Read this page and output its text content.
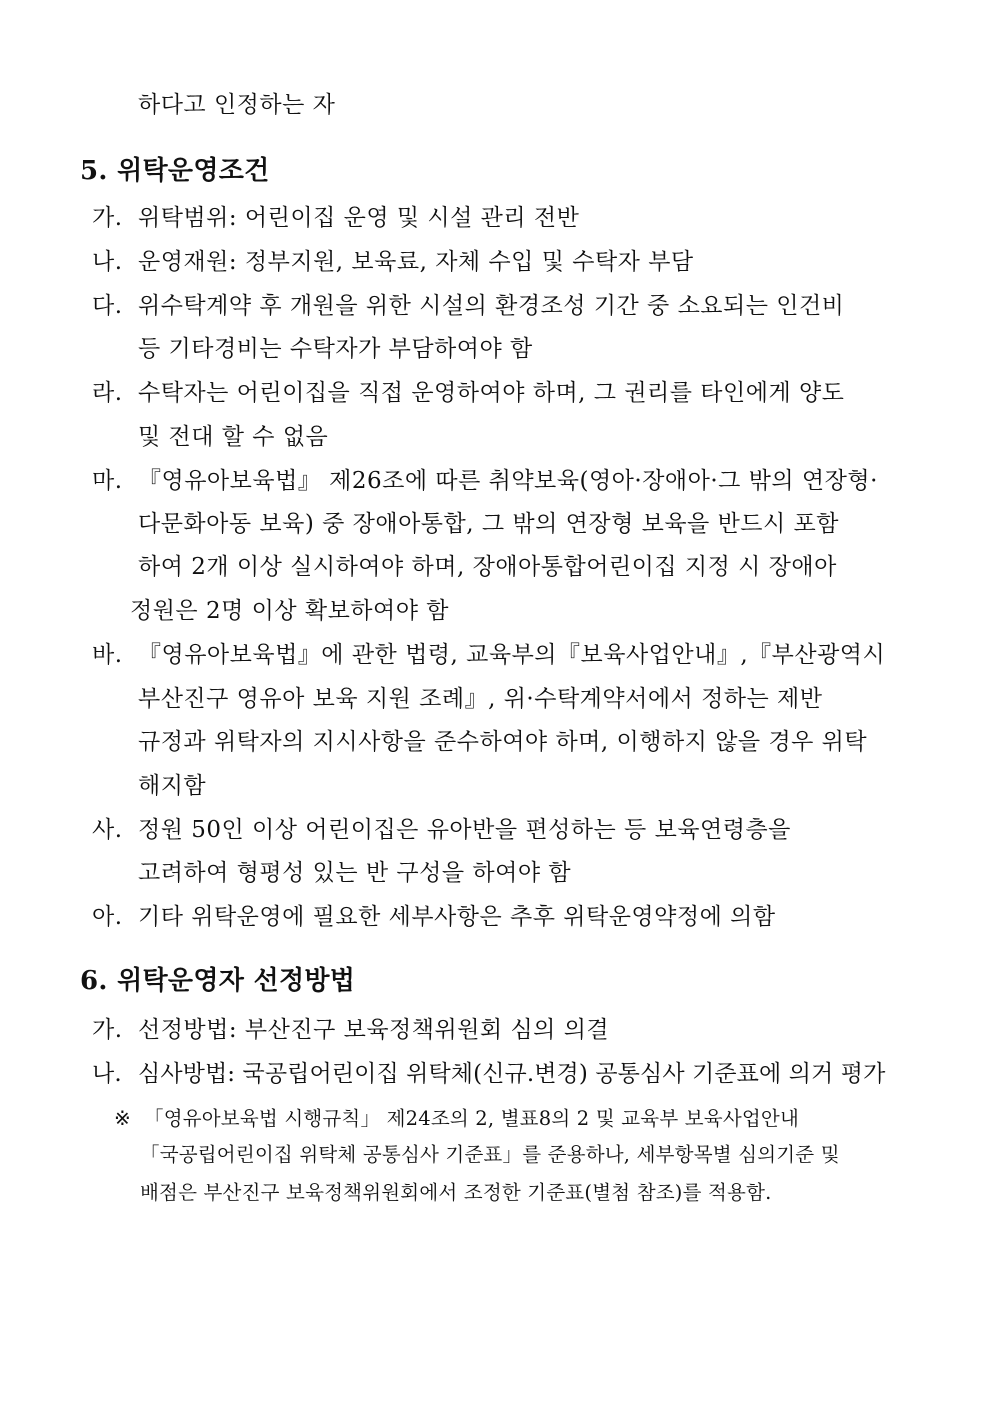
하다고 인정하는 자
5. 위탁운영조건
가. 위탁범위: 어린이집 운영 및 시설 관리 전반
나. 운영재원: 정부지원, 보육료, 자체 수입 및 수탁자 부담
다. 위수탁계약 후 개원을 위한 시설의 환경조성 기간 중 소요되는 인건비
등 기타경비는 수탁자가 부담하여야 함
라. 수탁자는 어린이집을 직접 운영하여야 하며, 그 권리를 타인에게 양도
및 전대 할 수 없음
마. 『영유아보육법』 제26조에 따른 취약보육(영아·장애아·그 밖의 연장형·
다문화아동 보육) 중 장애아통합, 그 밖의 연장형 보육을 반드시 포함
하여 2개 이상 실시하여야 하며, 장애아통합어린이집 지정 시 장애아
정원은 2명 이상 확보하여야 함
바. 『영유아보육법』에 관한 법령, 교육부의『보육사업안내』,『부산광역시
부산진구 영유아 보육 지원 조례』, 위·수탁계약서에서 정하는 제반
규정과 위탁자의 지시사항을 준수하여야 하며, 이행하지 않을 경우 위탁
해지함
사. 정원 50인 이상 어린이집은 유아반을 편성하는 등 보육연령층을
고려하여 형평성 있는 반 구성을 하여야 함
아. 기타 위탁운영에 필요한 세부사항은 추후 위탁운영약정에 의함
6. 위탁운영자 선정방법
가. 선정방법: 부산진구 보육정책위원회 심의 의결
나. 심사방법: 국공립어린이집 위탁체(신규.변경) 공통심사 기준표에 의거 평가
※ 「영유아보육법 시행규칙」 제24조의 2, 별표8의 2 및 교육부 보육사업안내
「국공립어린이집 위탁체 공통심사 기준표」를 준용하나, 세부항목별 심의기준 및
배점은 부산진구 보육정책위원회에서 조정한 기준표(별첨 참조)를 적용함.
